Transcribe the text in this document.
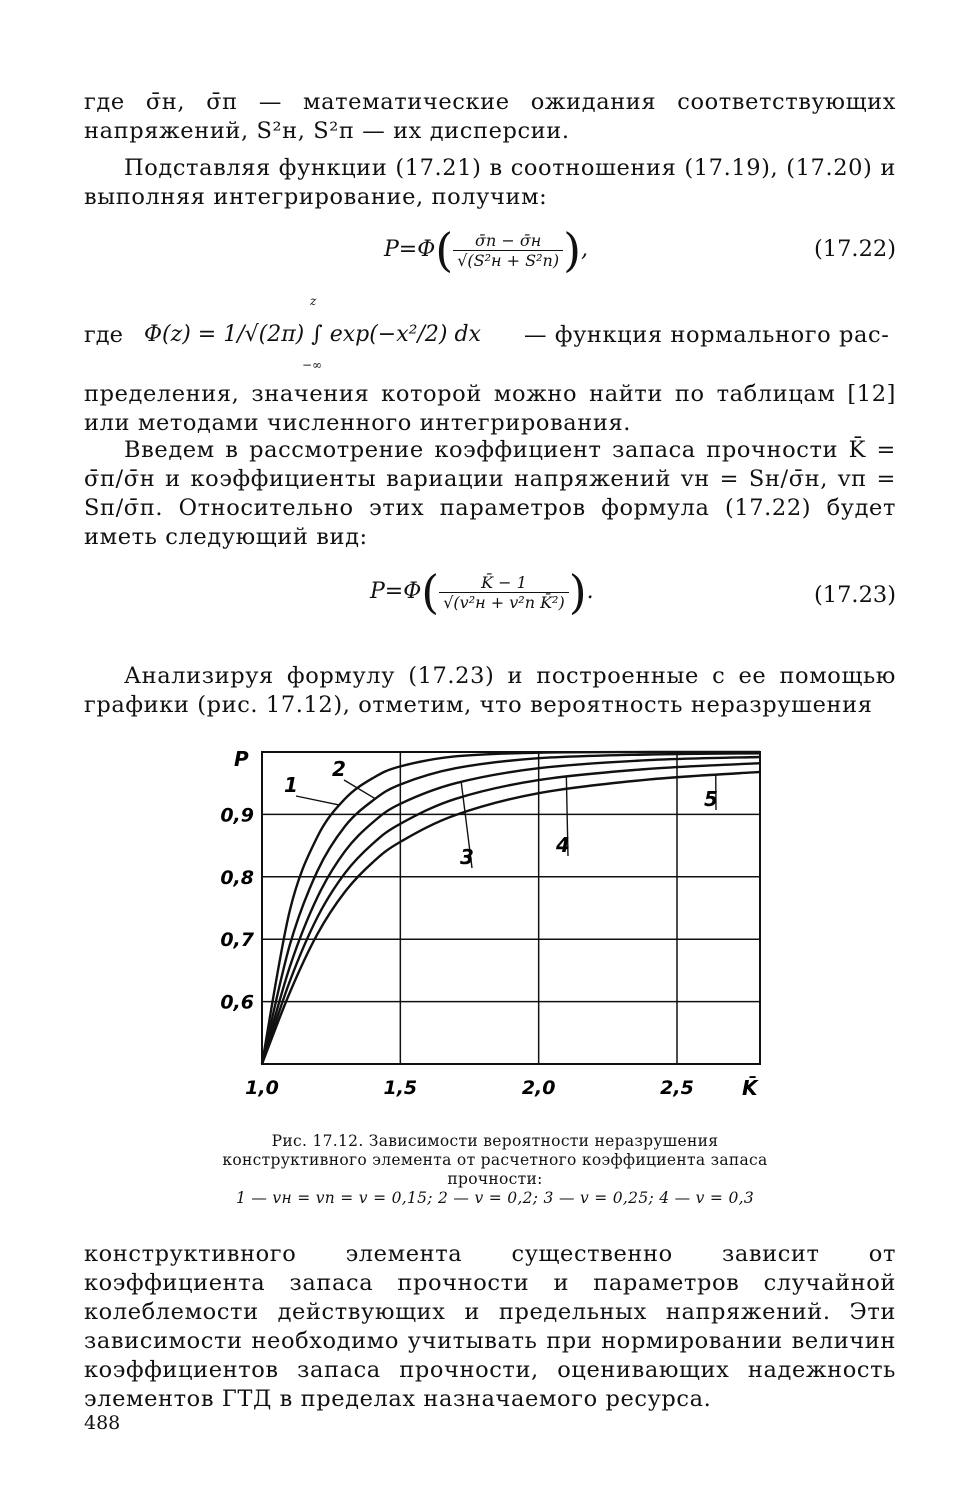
где σ̄н, σ̄п — математические ожидания соответствующих напряжений, S²н, S²п — их дисперсии.

Подставляя функции (17.21) в соотношения (17.19), (17.20) и выполняя интегрирование, получим:

$P=\Phi( \frac{\sigmāп - \sigmāн}{\text{√(S²н + S²п)}}$ ),	(17.22)
где Φ(z) = 1/√(2π) ∫ exp(−x²/2) dx
z
−∞
— функция нормального рас-

пределения, значения которой можно найти по таблицам [12] или методами численного интегрирования.

Введем в рассмотрение коэффициент запаса прочности K̄ = σ̄п/σ̄н и коэффициенты вариации напряжений vн = Sн/σ̄н, vп = Sп/σ̄п. Относительно этих параметров формула (17.22) будет иметь следующий вид:

$P=\Phi( \frac{K̄ - 1}{\text{√(v²н + v²п K̄²)}}$ ).	(17.23)

Анализируя формулу (17.23) и построенные с ее помощью графики (рис. 17.12), отметим, что вероятность неразрушения

P
K̄
1,0	1,5	2,0	2,5
0,6
0,7
0,8
0,9
1
2
3	4
5
Рис. 17.12. Зависимости вероятности неразрушения конструктивного элемента от расчетного коэффициента запаса прочности:
1 — vн = vп = v = 0,15; 2 — v = 0,2; 3 — v = 0,25; 4 — v = 0,3

конструктивного элемента существенно зависит от коэффициента запаса прочности и параметров случайной колеблемости действующих и предельных напряжений. Эти зависимости необходимо учитывать при нормировании величин коэффициентов запаса прочности, оценивающих надежность элементов ГТД в пределах назначаемого ресурса.

488
